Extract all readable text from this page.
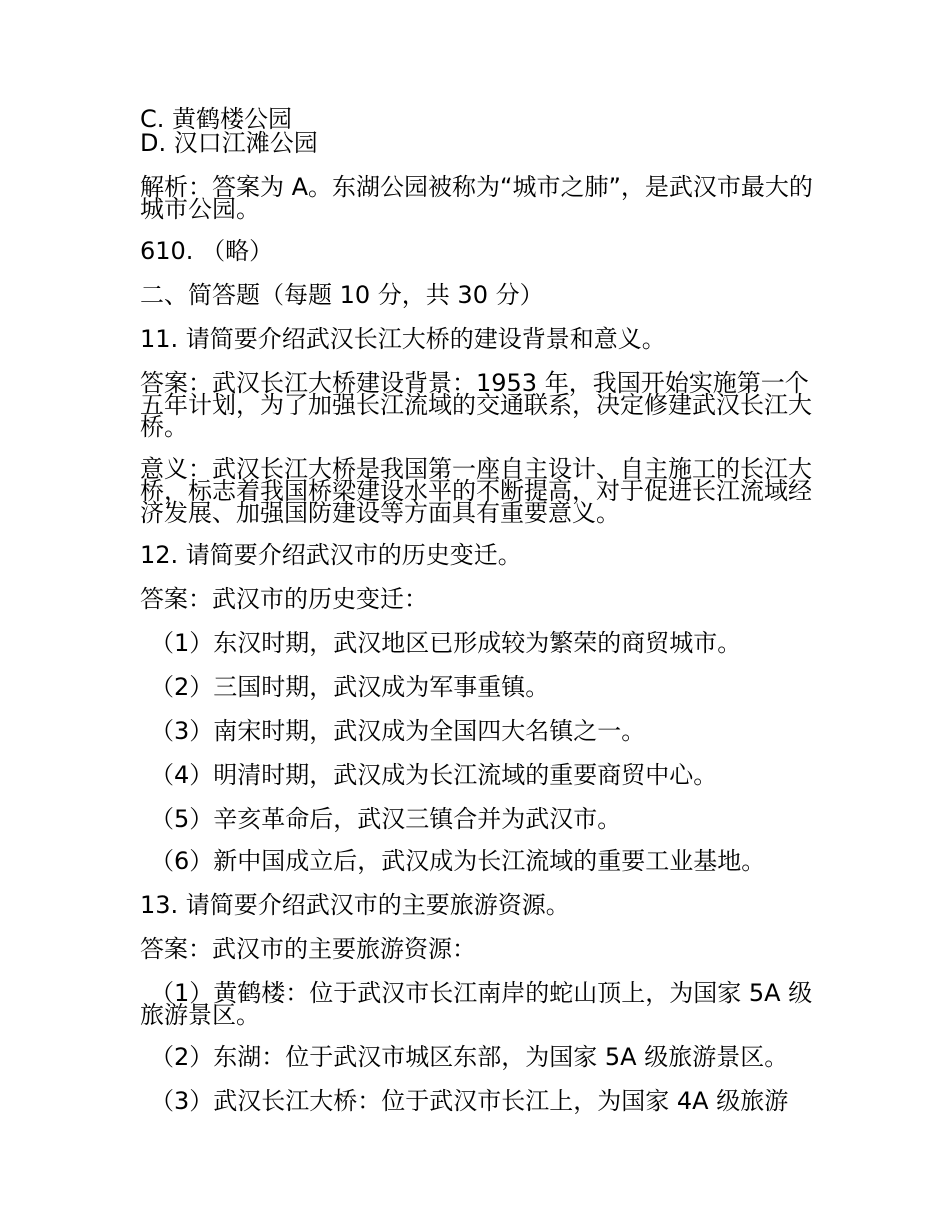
C. 黄鹤楼公园

D. 汉口江滩公园

解析：答案为 A。东湖公园被称为“城市之肺”，是武汉市最大的城市公园。

610. （略）

二、简答题（每题 10 分，共 30 分）

11. 请简要介绍武汉长江大桥的建设背景和意义。

答案：武汉长江大桥建设背景：1953 年，我国开始实施第一个五年计划，为了加强长江流域的交通联系，决定修建武汉长江大桥。

意义：武汉长江大桥是我国第一座自主设计、自主施工的长江大桥，标志着我国桥梁建设水平的不断提高，对于促进长江流域经济发展、加强国防建设等方面具有重要意义。

12. 请简要介绍武汉市的历史变迁。

答案：武汉市的历史变迁：

（1）东汉时期，武汉地区已形成较为繁荣的商贸城市。

（2）三国时期，武汉成为军事重镇。

（3）南宋时期，武汉成为全国四大名镇之一。

（4）明清时期，武汉成为长江流域的重要商贸中心。

（5）辛亥革命后，武汉三镇合并为武汉市。

（6）新中国成立后，武汉成为长江流域的重要工业基地。

13. 请简要介绍武汉市的主要旅游资源。

答案：武汉市的主要旅游资源：

（1）黄鹤楼：位于武汉市长江南岸的蛇山顶上，为国家 5A 级旅游景区。

（2）东湖：位于武汉市城区东部，为国家 5A 级旅游景区。

（3）武汉长江大桥：位于武汉市长江上，为国家 4A 级旅游
